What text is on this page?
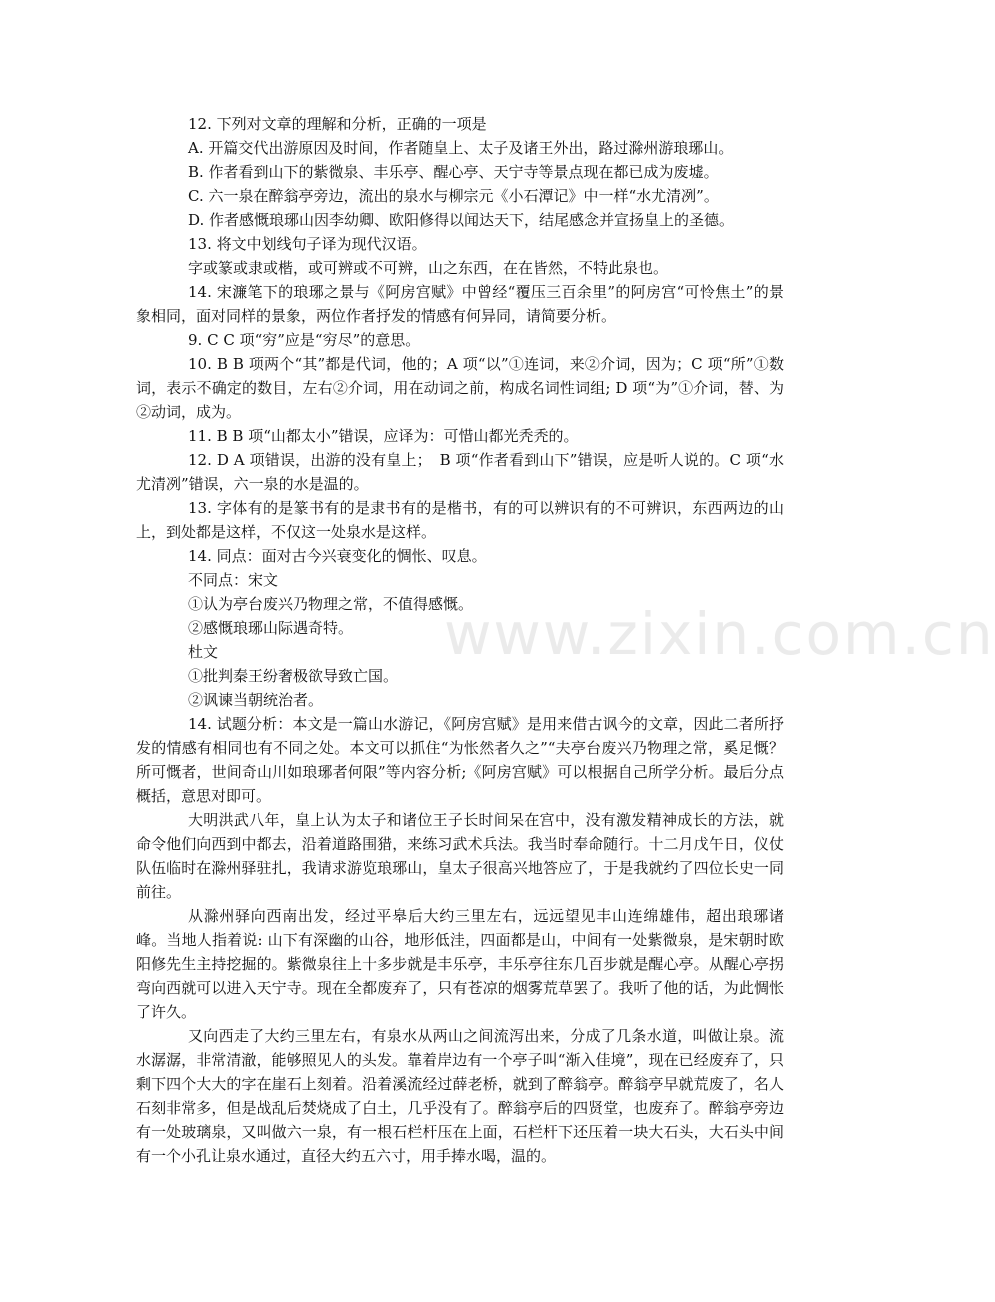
www.zixin.com.cn

12. 下列对文章的理解和分析，正确的一项是

A. 开篇交代出游原因及时间，作者随皇上、太子及诸王外出，路过滁州游琅琊山。

B. 作者看到山下的紫微泉、丰乐亭、醒心亭、天宁寺等景点现在都已成为废墟。

C. 六一泉在醉翁亭旁边，流出的泉水与柳宗元《小石潭记》中一样“水尤清冽”。

D. 作者感慨琅琊山因李幼卿、欧阳修得以闻达天下，结尾感念并宣扬皇上的圣德。

13. 将文中划线句子译为现代汉语。

字或篆或隶或楷，或可辨或不可辨，山之东西，在在皆然，不特此泉也。

14. 宋濂笔下的琅琊之景与《阿房宫赋》中曾经“覆压三百余里”的阿房宫“可怜焦土”的景象相同，面对同样的景象，两位作者抒发的情感有何异同，请简要分析。

9. C C 项“穷”应是“穷尽”的意思。

10. B B 项两个“其”都是代词，他的；A 项“以”①连词，来②介词，因为；C 项“所”①数词，表示不确定的数目，左右②介词，用在动词之前，构成名词性词组; D 项“为”①介词，替、为②动词，成为。

11. B B 项“山都太小”错误，应译为：可惜山都光秃秃的。

12. D A 项错误，出游的没有皇上；　B 项“作者看到山下”错误，应是听人说的。C 项“水尤清冽”错误，六一泉的水是温的。

13. 字体有的是篆书有的是隶书有的是楷书，有的可以辨识有的不可辨识，东西两边的山上，到处都是这样，不仅这一处泉水是这样。

14. 同点：面对古今兴衰变化的惆怅、叹息。

不同点：宋文

①认为亭台废兴乃物理之常，不值得感慨。

②感慨琅琊山际遇奇特。

杜文

①批判秦王纷奢极欲导致亡国。

②讽谏当朝统治者。

14. 试题分析：本文是一篇山水游记，《阿房宫赋》是用来借古讽今的文章，因此二者所抒发的情感有相同也有不同之处。本文可以抓住“为怅然者久之”“夫亭台废兴乃物理之常，奚足慨？所可慨者，世间奇山川如琅琊者何限”等内容分析;《阿房宫赋》可以根据自己所学分析。最后分点概括，意思对即可。

大明洪武八年，皇上认为太子和诸位王子长时间呆在宫中，没有激发精神成长的方法，就命令他们向西到中都去，沿着道路围猎，来练习武术兵法。我当时奉命随行。十二月戊午日，仪仗队伍临时在滁州驿驻扎，我请求游览琅琊山，皇太子很高兴地答应了，于是我就约了四位长史一同前往。

从滁州驿向西南出发，经过平皋后大约三里左右，远远望见丰山连绵雄伟，超出琅琊诸峰。当地人指着说: 山下有深幽的山谷，地形低洼，四面都是山，中间有一处紫微泉，是宋朝时欧阳修先生主持挖掘的。紫微泉往上十多步就是丰乐亭，丰乐亭往东几百步就是醒心亭。从醒心亭拐弯向西就可以进入天宁寺。现在全都废弃了，只有苍凉的烟雾荒草罢了。我听了他的话，为此惆怅了许久。

又向西走了大约三里左右，有泉水从两山之间流泻出来，分成了几条水道，叫做让泉。流水潺潺，非常清澈，能够照见人的头发。靠着岸边有一个亭子叫“渐入佳境”，现在已经废弃了，只剩下四个大大的字在崖石上刻着。沿着溪流经过薛老桥，就到了醉翁亭。醉翁亭早就荒废了，名人石刻非常多，但是战乱后焚烧成了白土，几乎没有了。醉翁亭后的四贤堂，也废弃了。醉翁亭旁边有一处玻璃泉，又叫做六一泉，有一根石栏杆压在上面，石栏杆下还压着一块大石头，大石头中间有一个小孔让泉水通过，直径大约五六寸，用手捧水喝，温的。
